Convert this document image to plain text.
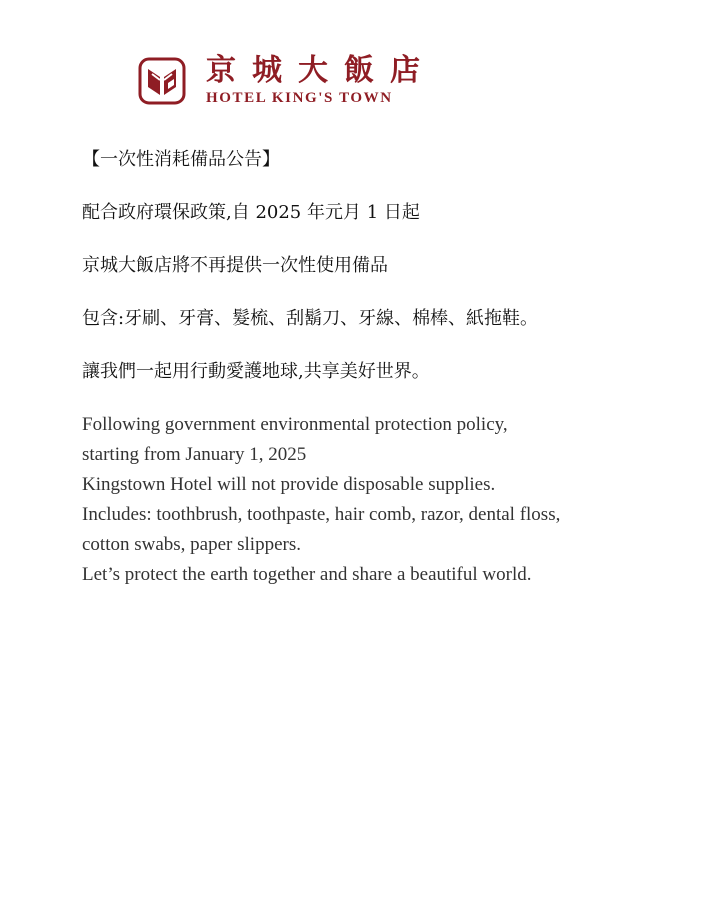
京城大飯店
HOTEL KING'S TOWN

【一次性消耗備品公告】

配合政府環保政策,自 2025 年元月 1 日起

京城大飯店將不再提供一次性使用備品

包含:牙刷、牙膏、髮梳、刮鬍刀、牙線、棉棒、紙拖鞋。

讓我們一起用行動愛護地球,共享美好世界。

Following government environmental protection policy,
starting from January 1, 2025
Kingstown Hotel will not provide disposable supplies.
Includes: toothbrush, toothpaste, hair comb, razor, dental floss,
cotton swabs, paper slippers.
Let’s protect the earth together and share a beautiful world.
